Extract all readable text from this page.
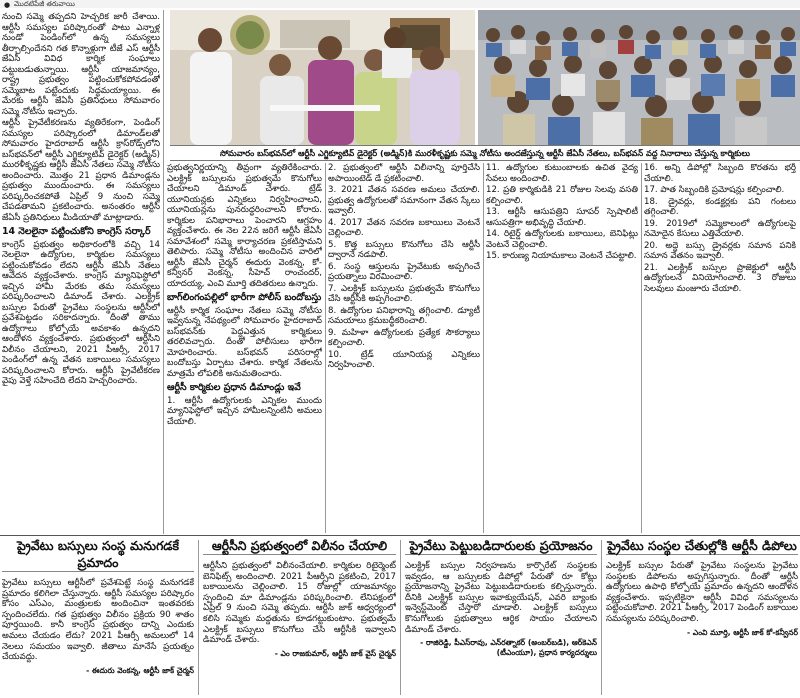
● మొదటిపేజీ తరువాయి

నుంచి సమ్మె తప్పదని హెచ్చరిక జారీ చేశాయి. ఆర్టీసీ సమస్యల పరిష్కారంతో పాటు ఎన్నాళ్ల నుండో పెండింగ్‌లో ఉన్న సమస్యలు తీర్చాల్సిందేనని గత కొన్నాళ్లుగా టీజే ఎస్ ఆర్టీసీ జేఏసీ వివిధ కార్మిక సంఘాలు పట్టుబడుతున్నాయి. ఆర్టీసీ యాజమాన్యం, రాష్ట్ర ప్రభుత్వం పట్టించుకోకపోవడంతో సమ్మెబాట పట్టేందుకు సిద్ధమయ్యాయి. ఈ మేరకు ఆర్టీసీ జేఏసీ ప్రతినిధులు సోమవారం సమ్మె నోటీసు ఇచ్చారు.

ఆర్టీసీ ప్రైవేటీకరణను వ్యతిరేకంగా, పెండింగ్ సమస్యల పరిష్కారంలో డిమాండ్‌లతో సోమవారం హైదరాబాద్ ఆర్టీసీ క్రాస్‌రోడ్స్‌లోని బస్‌భవన్‌లో ఆర్టీసీ ఎగ్జిక్యూటివ్ డైరెక్టర్ (అడ్మిన్‌) మురళీకృష్ణకు ఆర్టీసీ జేఏసీ నేతలు సమ్మె నోటీసు అందించారు. మొత్తం 21 ప్రధాన డిమాండ్లను ప్రభుత్వం ముందుంచారు. ఈ సమస్యలు పరిష్కరించకపోతే ఏప్రిల్ 9 నుంచి సమ్మె చేపడతామని ప్రకటించారు. అనంతరం ఆర్టీసీ జేఏసీ ప్రతినిధులు మీడియాతో మాట్లాడారు.

14 నెలలైనా పట్టించుకోని కాంగ్రెస్ సర్కార్

కాంగ్రెస్ ప్రభుత్వం అధికారంలోకి వచ్చి 14 నెలలైనా ఉద్యోగుల, కార్మికుల సమస్యలు పట్టించుకోవడం లేదని ఆర్టీసీ జేఏసీ నేతలు ఆవేదన వ్యక్తంచేశారు. కాంగ్రెస్ మ్యానిఫెస్టోలో ఇచ్చిన హామీ మేరకు తమ సమస్యలు పరిష్కరించాలని డిమాండ్ చేశారు. ఎలక్ట్రిక్ బస్సుల పేరుతో ప్రైవేటు సంస్థలను ఆర్టీసీలో ప్రవేశపెట్టడం సరికాదన్నారు. దీంతో తాము ఉద్యోగాలు కోల్పోయే అవకాశం ఉన్నదని ఆందోళన వ్యక్తంచేశారు. ప్రభుత్వంలో ఆర్టీసీని విలీనం చేయాలని, 2021 పీఆర్సీ, 2017 పెండింగ్‌లో ఉన్న వేతన బకాయిలు సమస్యలు పరిష్కరించాలని కోరారు. ఆర్టీసీ ప్రైవేటీకరణ వైపు వెళ్తే సహించేది లేదని హెచ్చరించారు.

సోమవారం బస్‌భవన్‌లో ఆర్టీసీ ఎగ్జిక్యూటివ్ డైరెక్టర్ (అడ్మిన్‌)కి మురళీకృష్ణకు సమ్మె నోటీసు అందజేస్తున్న ఆర్టీసీ జేఏసీ నేతలు, బస్‌భవన్ వద్ద నినాదాలు చేస్తున్న కార్మికులు

ప్రభుత్వనిర్ణయాన్ని తీవ్రంగా వ్యతిరేకించారు. ఎలక్ట్రిక్ బస్సులను ప్రభుత్వమే కొనుగోలు చేయాలని డిమాండ్ చేశారు. ట్రేడ్ యూనియన్లకు ఎన్నికలు నిర్వహించాలని, యూనియన్లను పునరుద్ధరించాలని కోరారు. కార్మికుల పనిభారాలు పెంచారని ఆగ్రహం వ్యక్తంచేశారు. ఈ నెల 22న జరిగే ఆర్టీసీ జేఏసీ సమావేశంలో సమ్మె కార్యాచరణ ప్రకటిస్తామని తెలిపారు. సమ్మె నోటీసు అందించిన వారిలో ఆర్టీసీ జేఏసీ చైర్మన్ ఈదురు వెంకన్న, కో-కన్వీనర్ వెంకన్న, సీహెచ్ రాంచందర్, యాదయ్య, ఎంవి మూర్తి తదితరులు ఉన్నారు.

బాగ్‌లింగంపల్లిలో భారీగా పోలీస్ బందోబస్తు

ఆర్టీసీ కార్మిక సంఘాల నేతలు సమ్మె నోటీసు ఇవ్వనున్న నేపథ్యంలో సోమవారం హైదరాబాద్ బస్‌భవన్‌కు పెద్దఎత్తున కార్మికులు తరలివచ్చారు. దీంతో పోలీసులు భారీగా మోహరించారు. బస్‌భవన్ పరిసరాల్లో బందోబస్తు ఏర్పాటు చేశారు. కార్మిక నేతలను మాత్రమే లోపలికి అనుమతించారు.

ఆర్టీసీ కార్మికుల ప్రధాన డిమాండ్లు ఇవే

1. ఆర్టీసీ ఉద్యోగులకు ఎన్నికల ముందు మ్యానిఫెస్టోలో ఇచ్చిన హామీలన్నింటినీ అమలు చేయాలి.

2. ప్రభుత్వంలో ఆర్టీసీ విలీనాన్ని పూర్తిచేసి అపాయింటెడ్ డే ప్రకటించాలి.

3. 2021 వేతన సవరణ అమలు చేయాలి. ప్రభుత్వ ఉద్యోగులతో సమానంగా వేతన స్కేలు ఇవ్వాలి.

4. 2017 వేతన సవరణ బకాయిలు వెంటనే చెల్లించాలి.

5. కొత్త బస్సులు కొనుగోలు చేసి ఆర్టీసీ ద్వారానే నడపాలి.

6. సంస్థ ఆస్తులను ప్రైవేటుకు అప్పగించే ప్రయత్నాలు విరమించాలి.

7. ఎలక్ట్రిక్ బస్సులను ప్రభుత్వమే కొనుగోలు చేసి ఆర్టీసీకి అప్పగించాలి.

8. ఉద్యోగుల పనిభారాన్ని తగ్గించాలి. డ్యూటీ సమయాలు క్రమబద్ధీకరించాలి.

9. మహిళా ఉద్యోగులకు ప్రత్యేక సౌకర్యాలు కల్పించాలి.

10. ట్రేడ్ యూనియన్ల ఎన్నికలు నిర్వహించాలి.

11. ఉద్యోగుల కుటుంబాలకు ఉచిత వైద్య సేవలు అందించాలి.

12. ప్రతి కార్మికుడికి 21 రోజుల సెలవు వసతి కల్పించాలి.

13. ఆర్టీసీ ఆసుపత్రిని సూపర్ స్పెషాలిటీ ఆసుపత్రిగా అభివృద్ధి చేయాలి.

14. రిటైర్డ్ ఉద్యోగులకు బకాయిలు, బెనిఫిట్లు వెంటనే చెల్లించాలి.

15. కారుణ్య నియామకాలు వెంటనే చేపట్టాలి.

16. అన్ని డిపోల్లో సిబ్బంది కొరతను భర్తీ చేయాలి.

17. పాత సిబ్బందికి ప్రమోషన్లు కల్పించాలి.

18. డ్రైవర్లు, కండక్టర్లకు పని గంటలు తగ్గించాలి.

19. 2019లో సమ్మెకాలంలో ఉద్యోగులపై నమోదైన కేసులు ఎత్తివేయాలి.

20. అద్దె బస్సు డ్రైవర్లకు సమాన పనికి సమాన వేతనం ఇవ్వాలి.

21. ఎలక్ట్రిక్ బస్సుల ప్రాజెక్టులో ఆర్టీసీ ఉద్యోగులనే వినియోగించాలి. 3 రోజులు సెలవులు మంజూరు చేయాలి.

ప్రైవేటు బస్సులు సంస్థ మనుగడకే ప్రమాదం
ప్రైవేటు బస్సులు ఆర్టీసీలో ప్రవేశపెట్టే సంస్థ మనుగడకే ప్రమాదం కలిగిలా చేస్తున్నారు. ఆర్టీసీ సమస్యల పరిష్కారం కోసం ఎస్‌ఎం, మంత్రులకు అందించినా ఇంతవరకు స్పందించలేదు. గత ప్రభుత్వం విలీనం ప్రక్రియ 90 శాతం పూర్తయింది. కానీ కాంగ్రెస్ ప్రభుత్వం దాన్ని ఎందుకు అమలు చేయడం లేదు? 2021 పీఆర్సీ అమలులో 14 నెలలు సమయం ఇవ్వాలి. జీతాలు మానేసే ప్రయత్నం చేయవద్దు.
- ఈదురు వెంకన్న, ఆర్టీసీ జాక్ చైర్మన్
ఆర్టీసీని ప్రభుత్వంలో విలీనం చేయాలి
ఆర్టీసీని ప్రభుత్వంలో విలీనంచేయాలి. కార్మికుల రిటైర్మెంట్ బెనిఫిట్స్ అందించాలి. 2021 పీఆర్సీని ప్రకటించి, 2017 బకాయిలను చెల్లించాలి. 15 రోజుల్లో యాజమాన్యం స్పందించి మా డిమాండ్లను పరిష్కరించాలి. లేనిపక్షంలో ఏప్రిల్ 9 నుంచి సమ్మె తప్పదు. ఆర్టీసీ జాక్ ఆధ్వర్యంలో కలిసి సమ్మెకు మద్దతును కూడగట్టుకుంటాం. ప్రభుత్వమే ఎలక్ట్రిక్ బస్సులు కొనుగోలు చేసి ఆర్టీసీకి ఇవ్వాలని డిమాండ్ చేశారు.
- ఎం రాజకుమార్, ఆర్టీసీ జాక్ వైస్ చైర్మన్
ప్రైవేటు పెట్టుబడిదారులకు ప్రయోజనం
ఎలక్ట్రిక్ బస్సుల నిర్వహణను కార్పొరేట్ సంస్థలకు ఇవ్వడం, ఆ బస్సులకు డిపోల్లో పేరుతో రూ కోట్లు ప్రయోజనాన్ని ప్రైవేటు పెట్టుబడిదారులకు కల్పిస్తున్నారు. దీనికి ఎలక్ట్రిక్ బస్సుల ఇవాక్యుయేషన్, ఎవరి బ్యాంకు ఇన్వెస్ట్‌మెంట్ చేస్తారో చూడాలి. ఎలక్ట్రిక్ బస్సులు కొనుగోలుకు ప్రభుత్వాలు ఆర్థిక సాయం చేయాలని డిమాండ్ చేశారు.
- రాజిరెడ్డి, పీఎస్‌రావు, ఎన్‌రత్నాకర్ (అంబర్‌బడి), ఆర్‌కెఎన్ (టీఎంయూ), ప్రధాన కార్యదర్శులు
ప్రైవేటు సంస్థల చేతుల్లోకి ఆర్టీసీ డిపోలు
ఎలక్ట్రిక్ బస్సుల పేరుతో ప్రైవేటు సంస్థలను ప్రైవేటు సంస్థలకు డిపోలను అప్పగిస్తున్నారు. దీంతో ఆర్టీసీ ఉద్యోగులు ఉపాధి కోల్పోయే ప్రమాదం ఉన్నదని ఆందోళన వ్యక్తంచేశారు. ఇప్పటికైనా ఆర్టీసీ వివిధ సమస్యలను పట్టించుకోవాలి. 2021 పీఆర్సీ, 2017 పెండింగ్ బకాయిల సమస్యలను పరిష్కరించాలి.
- ఎంవి మూర్తి, ఆర్టీసీ జాక్ కో-కన్వీనర్
